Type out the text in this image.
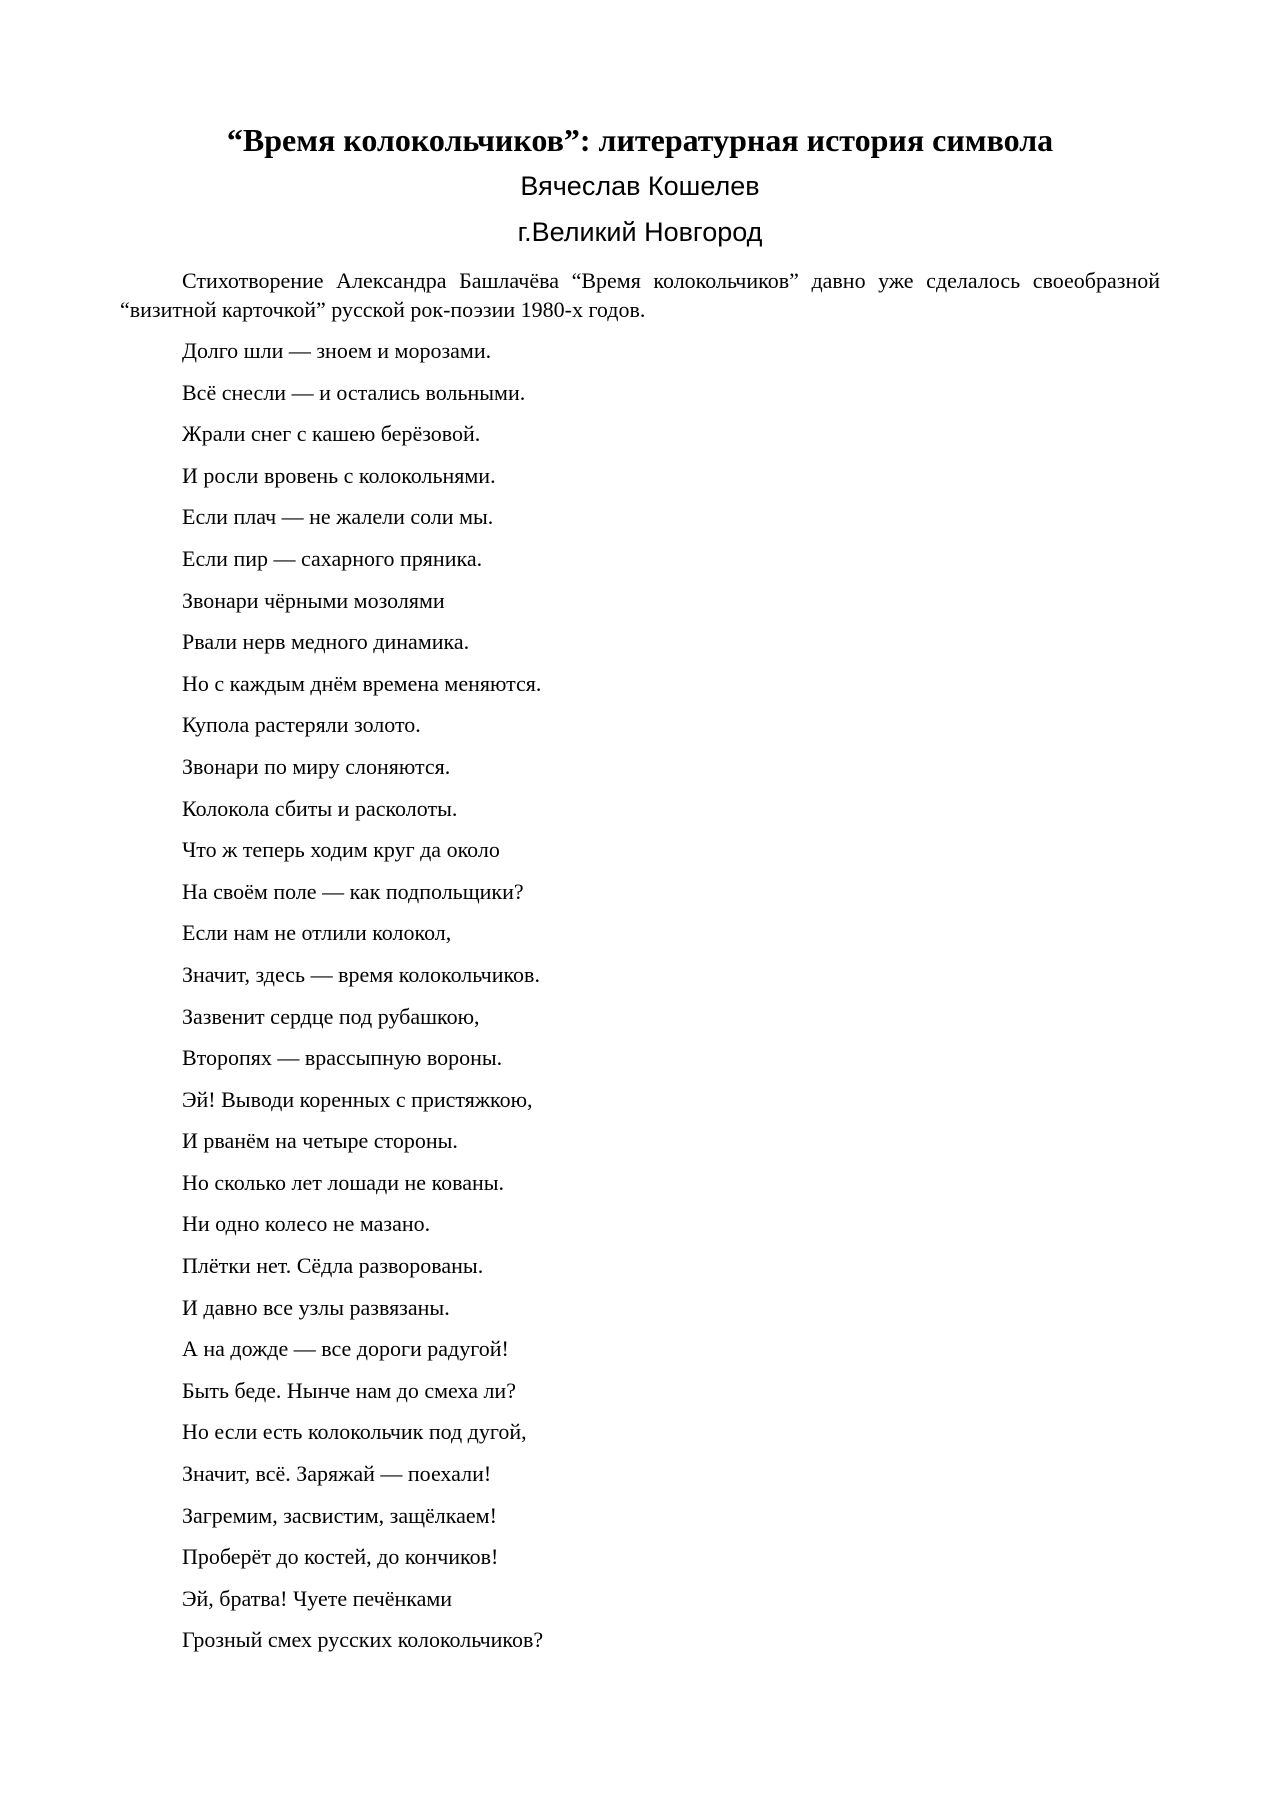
“Время колокольчиков”: литературная история символа
Вячеслав Кошелев
г.Великий Новгород

Стихотворение Александра Башлачёва “Время колокольчиков” давно уже сделалось своеобразной “визитной карточкой” русской рок-поэзии 1980-х годов.

Долго шли — зноем и морозами.
Всё снесли — и остались вольными.
Жрали снег с кашею берёзовой.
И росли вровень с колокольнями.
Если плач — не жалели соли мы.
Если пир — сахарного пряника.
Звонари чёрными мозолями
Рвали нерв медного динамика.
Но с каждым днём времена меняются.
Купола растеряли золото.
Звонари по миру слоняются.
Колокола сбиты и расколоты.
Что ж теперь ходим круг да около
На своём поле — как подпольщики?
Если нам не отлили колокол,
Значит, здесь — время колокольчиков.
Зазвенит сердце под рубашкою,
Второпях — врассыпную вороны.
Эй! Выводи коренных с пристяжкою,
И рванём на четыре стороны.
Но сколько лет лошади не кованы.
Ни одно колесо не мазано.
Плётки нет. Сёдла разворованы.
И давно все узлы развязаны.
А на дожде — все дороги радугой!
Быть беде. Нынче нам до смеха ли?
Но если есть колокольчик под дугой,
Значит, всё. Заряжай — поехали!
Загремим, засвистим, защёлкаем!
Проберёт до костей, до кончиков!
Эй, братва! Чуете печёнками
Грозный смех русских колокольчиков?
